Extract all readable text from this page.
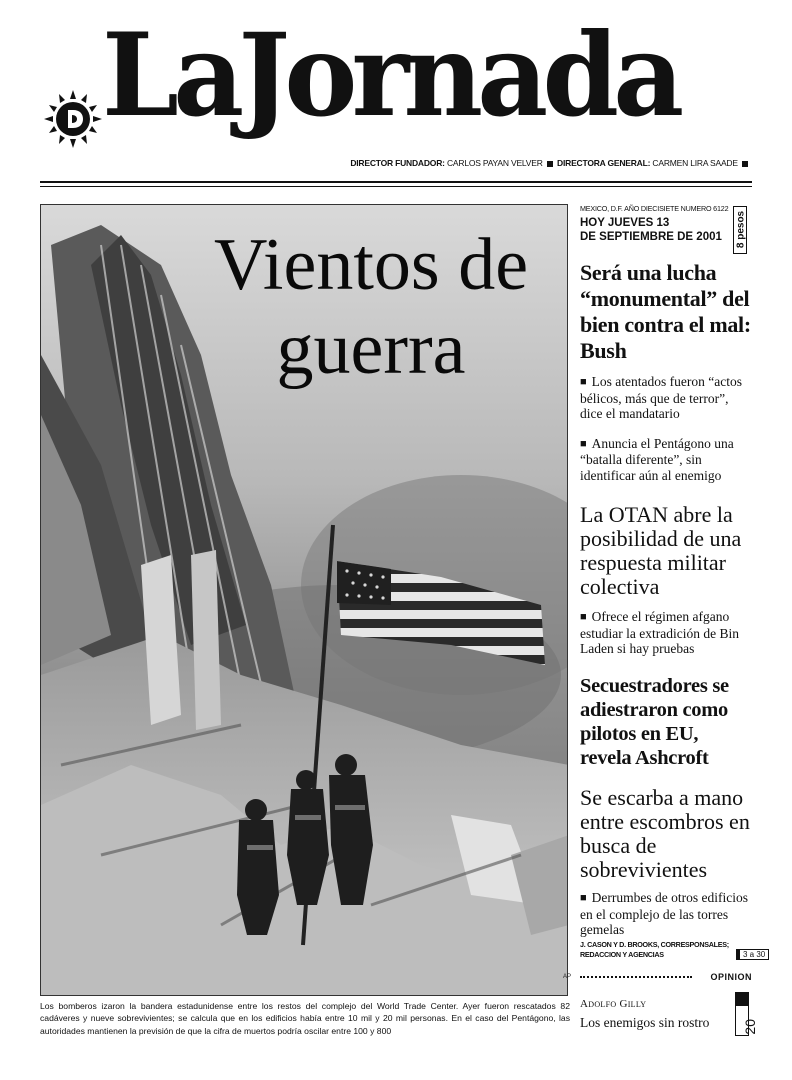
LaJornada
DIRECTOR FUNDADOR: CARLOS PAYAN VELVER DIRECTORA GENERAL: CARMEN LIRA SAADE
Vientos de
guerra
AP
Los bomberos izaron la bandera estadunidense entre los restos del complejo del World Trade Center. Ayer fueron rescatados 82 cadáveres y nueve sobrevivientes; se calcula que en los edificios había entre 10 mil y 20 mil personas. En el caso del Pentágono, las autoridades mantienen la previsión de que la cifra de muertos podría oscilar entre 100 y 800
MEXICO, D.F. AÑO DIECISIETE NUMERO 6122
HOY JUEVES 13
DE SEPTIEMBRE DE 2001	8 pesos
Será una lucha “monumental” del bien contra el mal: Bush
■ Los atentados fueron “actos bélicos, más que de terror”, dice el mandatario
■ Anuncia el Pentágono una “batalla diferente”, sin identificar aún al enemigo
La OTAN abre la posibilidad de una respuesta militar colectiva
■ Ofrece el régimen afgano estudiar la extradición de Bin Laden si hay pruebas
Secuestradores se adiestraron como pilotos en EU, revela Ashcroft
Se escarba a mano entre escombros en busca de sobrevivientes
■ Derrumbes de otros edificios en el complejo de las torres gemelas
J. CASON Y D. BROOKS, CORRESPONSALES;
REDACCION Y AGENCIAS	3 a 30
OPINION
Adolfo Gilly
Los enemigos sin rostro	20
